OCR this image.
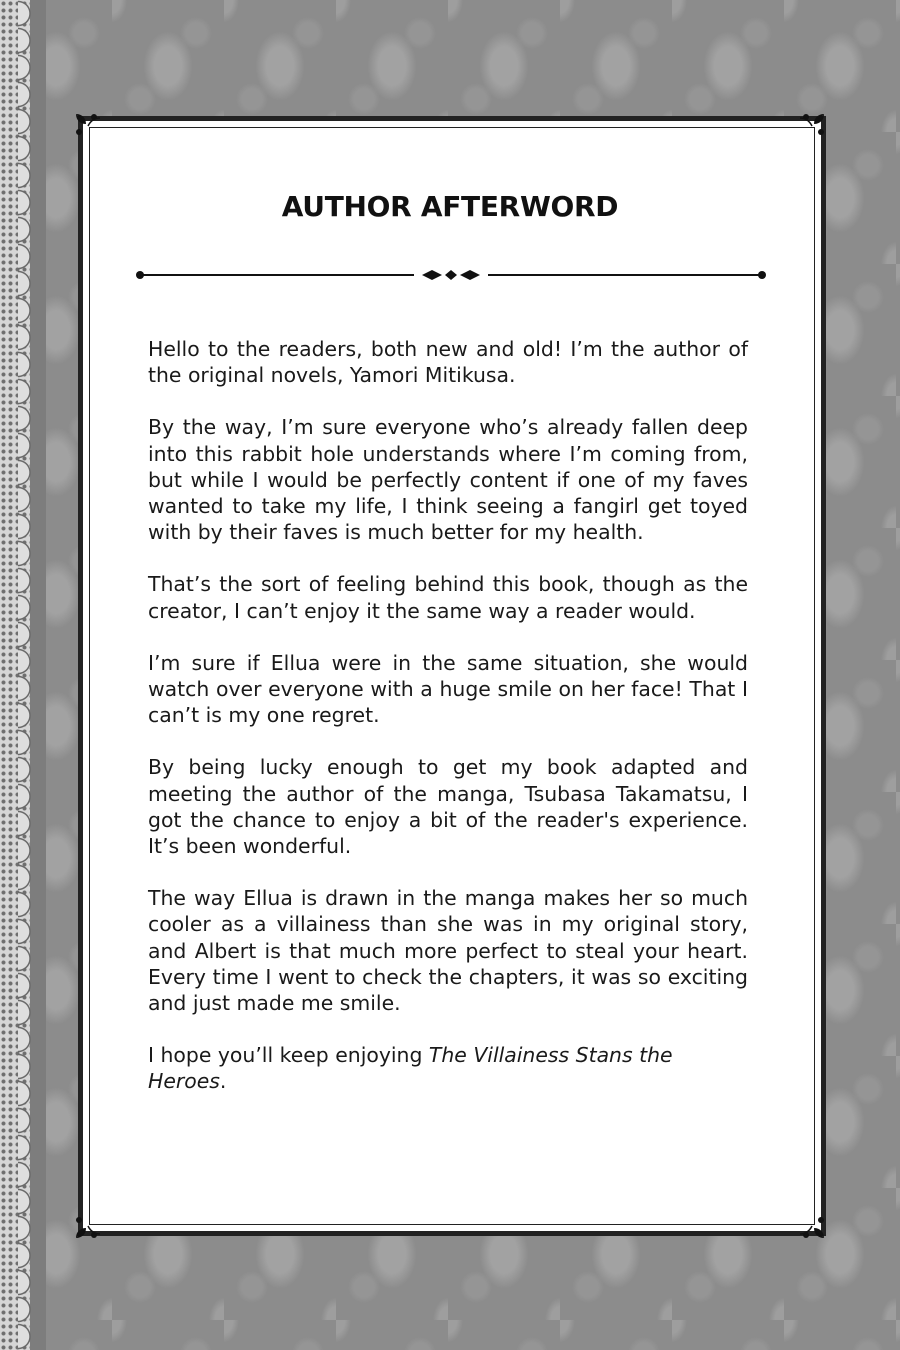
AUTHOR AFTERWORD

Hello to the readers, both new and old! I’m the author of the original novels, Yamori Mitikusa.

By the way, I’m sure everyone who’s already fallen deep into this rabbit hole understands where I’m coming from, but while I would be perfectly content if one of my faves wanted to take my life, I think seeing a fangirl get toyed with by their faves is much better for my health.

That’s the sort of feeling behind this book, though as the creator, I can’t enjoy it the same way a reader would.

I’m sure if Ellua were in the same situation, she would watch over everyone with a huge smile on her face! That I can’t is my one regret.

By being lucky enough to get my book adapted and meeting the author of the manga, Tsubasa Takamatsu, I got the chance to enjoy a bit of the reader's experience. It’s been wonderful.

The way Ellua is drawn in the manga makes her so much cooler as a villainess than she was in my original story, and Albert is that much more perfect to steal your heart. Every time I went to check the chapters, it was so exciting and just made me smile.

I hope you’ll keep enjoying The Villainess Stans the Heroes.
